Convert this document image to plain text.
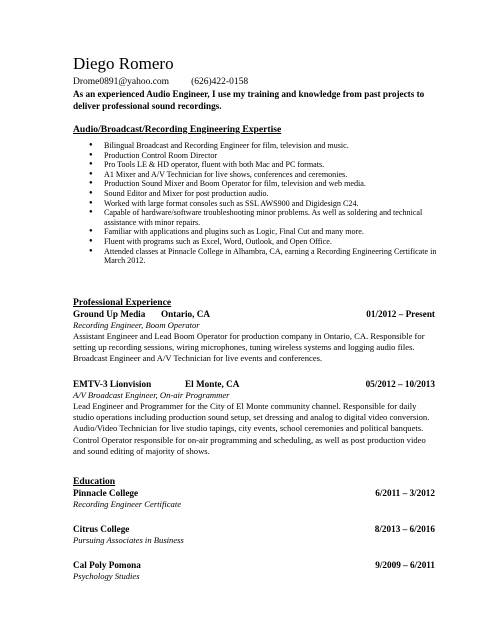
Diego Romero
Drome0891@yahoo.com (626)422-0158
As an experienced Audio Engineer, I use my training and knowledge from past projects to deliver professional sound recordings.
Audio/Broadcast/Recording Engineering Expertise
● Bilingual Broadcast and Recording Engineer for film, television and music.
● Production Control Room Director
● Pro Tools LE & HD operator, fluent with both Mac and PC formats.
● A1 Mixer and A/V Technician for live shows, conferences and ceremonies.
● Production Sound Mixer and Boom Operator for film, television and web media.
● Sound Editor and Mixer for post production audio.
● Worked with large format consoles such as SSL AWS900 and Digidesign C24.
● Capable of hardware/software troubleshooting minor problems. As well as soldering and technical assistance with minor repairs.
● Familiar with applications and plugins such as Logic, Final Cut and many more.
● Fluent with programs such as Excel, Word, Outlook, and Open Office.
● Attended classes at Pinnacle College in Alhambra, CA, earning a Recording Engineering Certificate in March 2012.
Professional Experience
Ground Up Media Ontario, CA	01/2012 – Present
Recording Engineer, Boom Operator
Assistant Engineer and Lead Boom Operator for production company in Ontario, CA. Responsible for setting up recording sessions, wiring microphones, tuning wireless systems and logging audio files. Broadcast Engineer and A/V Technician for live events and conferences.
EMTV-3 Lionvision	El Monte, CA	05/2012 – 10/2013
A/V Broadcast Engineer, On-air Programmer
Lead Engineer and Programmer for the City of El Monte community channel. Responsible for daily studio operations including production sound setup, set dressing and analog to digital video conversion. Audio/Video Technician for live studio tapings, city events, school ceremonies and political banquets. Control Operator responsible for on-air programming and scheduling, as well as post production video and sound editing of majority of shows.
Education
Pinnacle College	6/2011 – 3/2012
Recording Engineer Certificate
Citrus College	8/2013 – 6/2016
Pursuing Associates in Business
Cal Poly Pomona	9/2009 – 6/2011
Psychology Studies
